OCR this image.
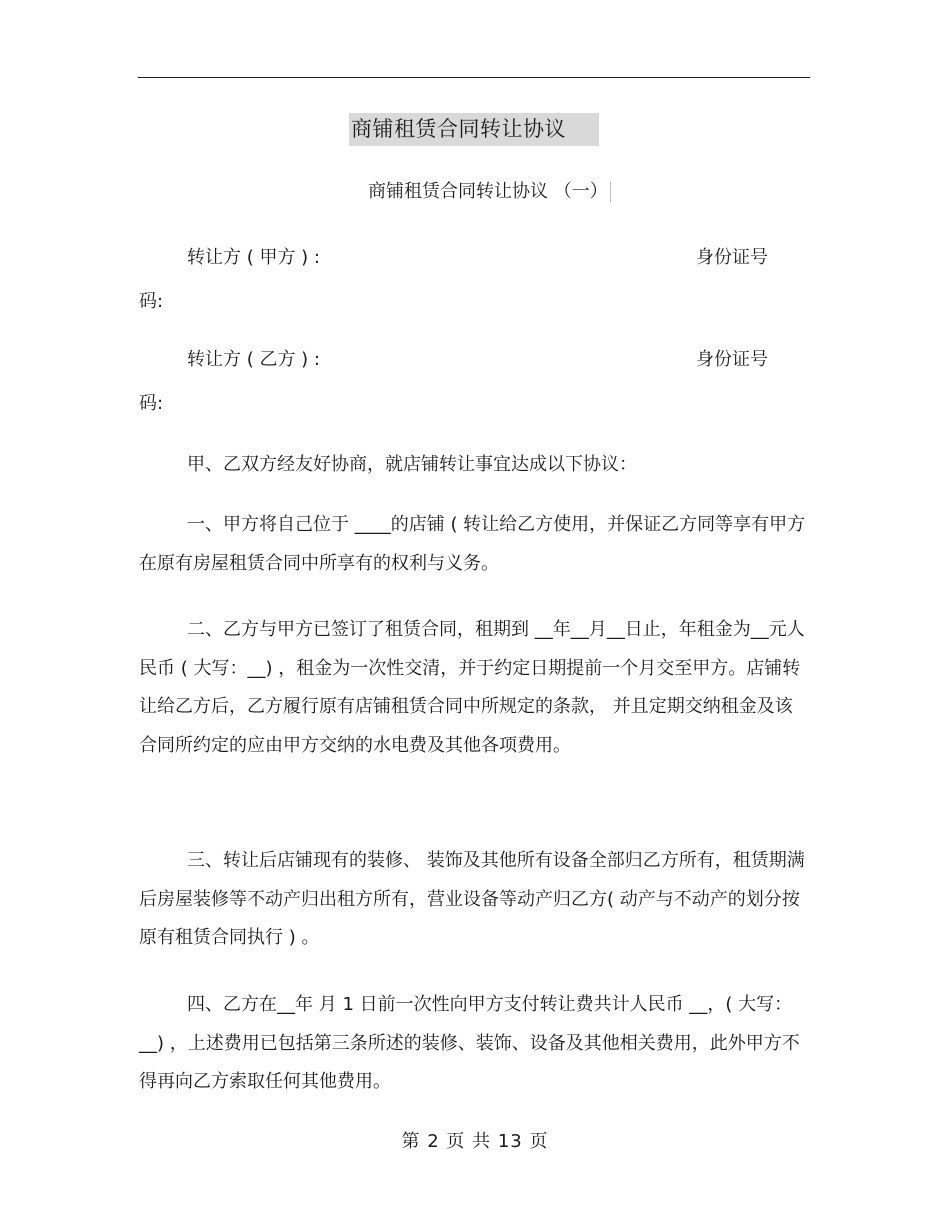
商铺租赁合同转让协议
商铺租赁合同转让协议 （一）
转让方 ( 甲方 ) :	身份证号
码:
转让方 ( 乙方 ) :	身份证号
码:

甲、乙双方经友好协商，就店铺转让事宜达成以下协议：

一、甲方将自己位于 ____的店铺 ( 转让给乙方使用，并保证乙方同等享有甲方在原有房屋租赁合同中所享有的权利与义务。

二、乙方与甲方已签订了租赁合同，租期到 __年__月__日止，年租金为__元人民币 ( 大写：__) ，租金为一次性交清，并于约定日期提前一个月交至甲方。店铺转让给乙方后，乙方履行原有店铺租赁合同中所规定的条款， 并且定期交纳租金及该合同所约定的应由甲方交纳的水电费及其他各项费用。

三、转让后店铺现有的装修、 装饰及其他所有设备全部归乙方所有，租赁期满后房屋装修等不动产归出租方所有，营业设备等动产归乙方( 动产与不动产的划分按原有租赁合同执行 ) 。

四、乙方在__年 月 1 日前一次性向甲方支付转让费共计人民币 __，( 大写：__) ，上述费用已包括第三条所述的装修、装饰、设备及其他相关费用，此外甲方不得再向乙方索取任何其他费用。

第 2 页 共 13 页
